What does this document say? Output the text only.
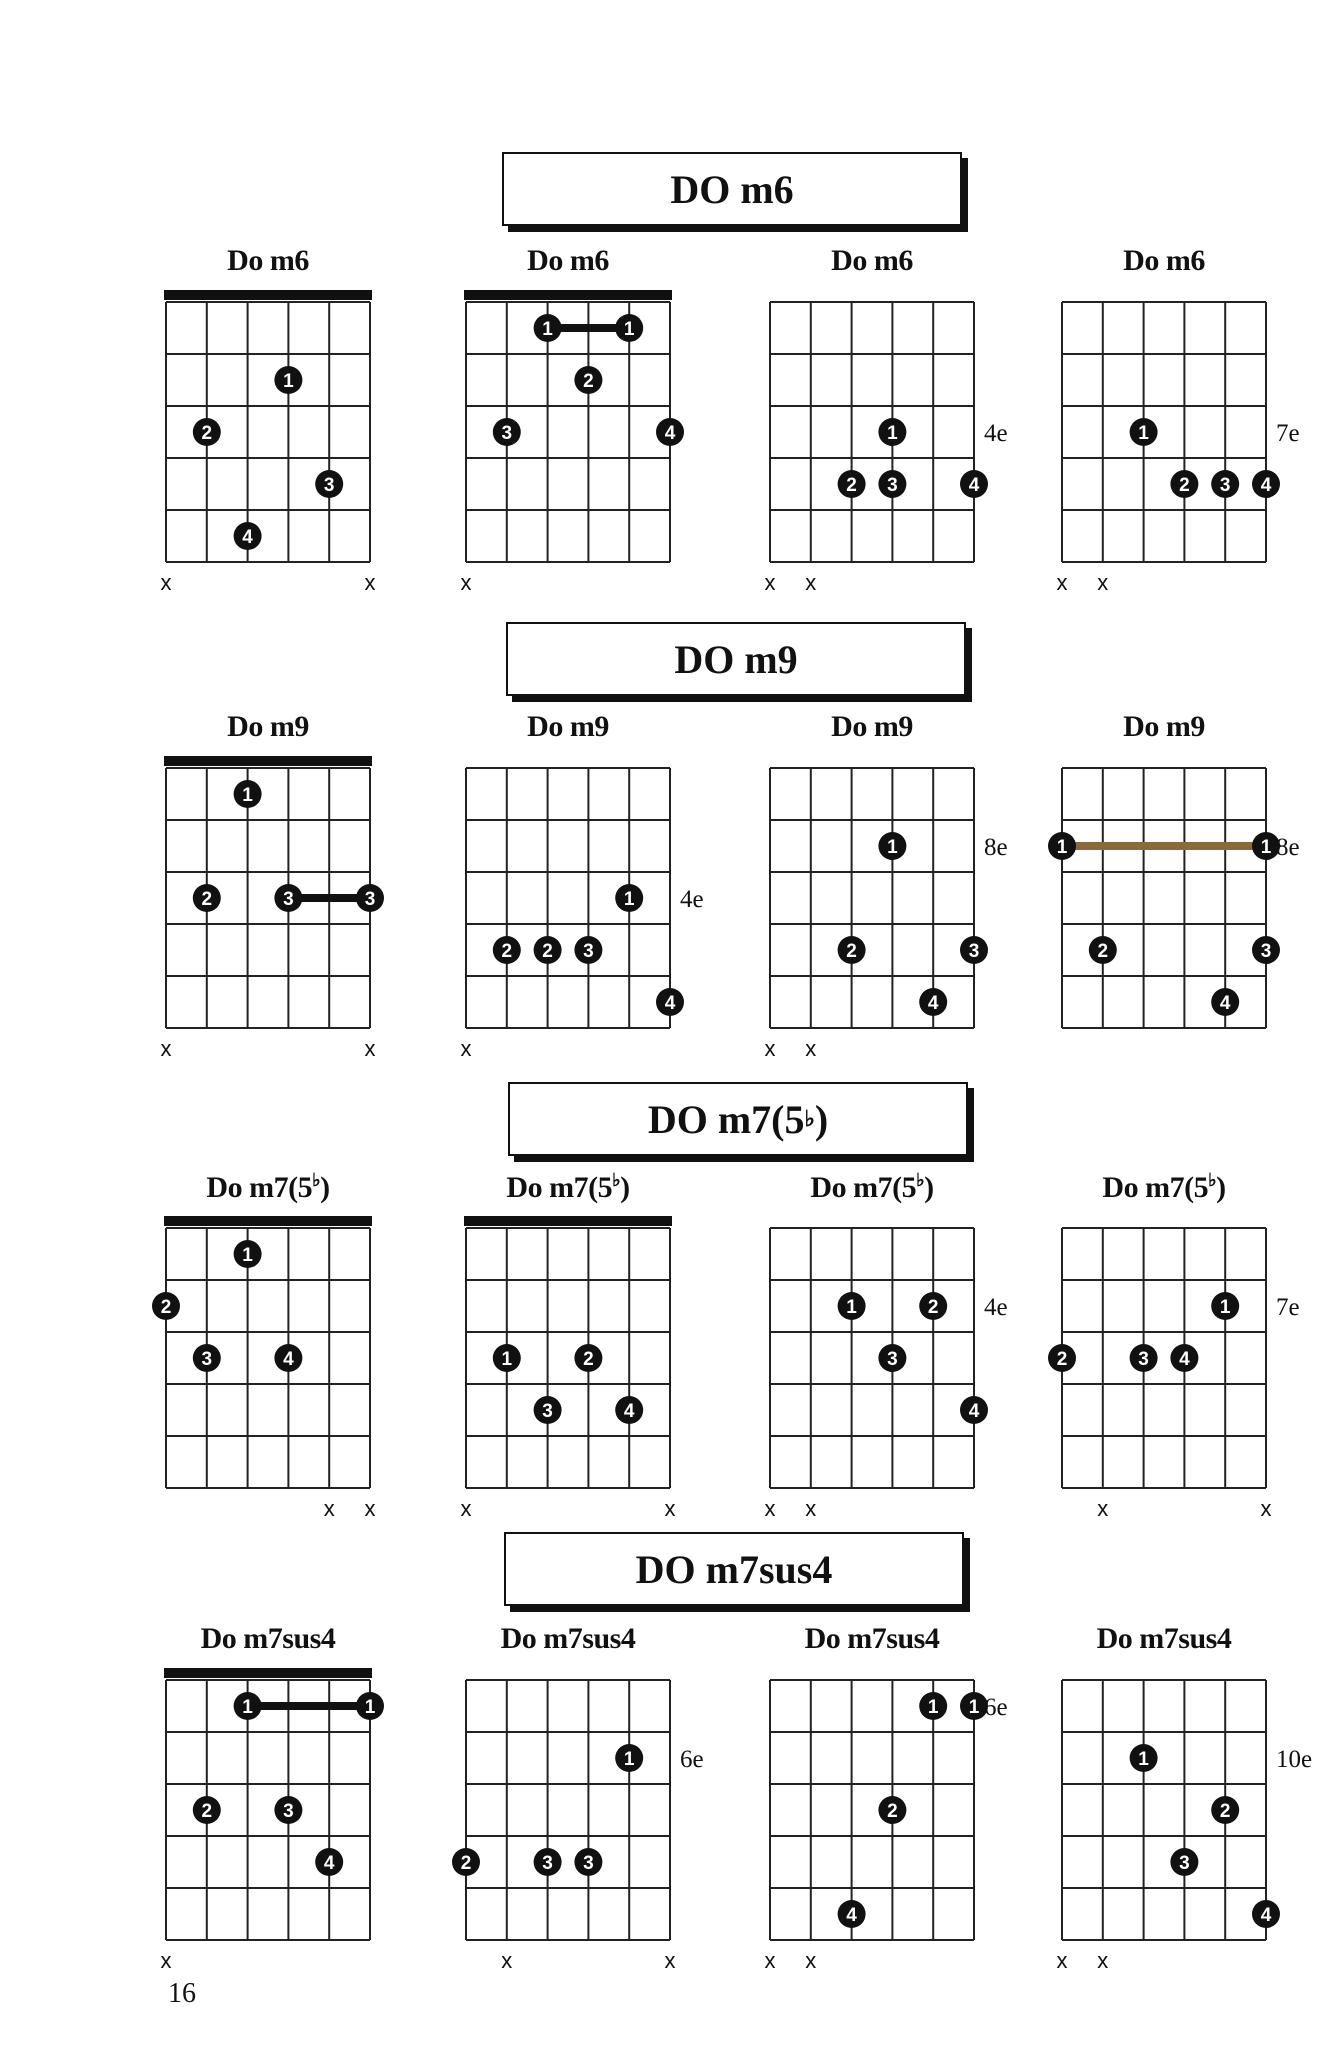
DO m6
Do m6
1
2
3
4
x	x
Do m6
1	1
2
3	4
x
Do m6
1
2 3	4
4e
x x
Do m6
1
2 3 4
7e
x x
DO m9
Do m9
1
2	3	3
x	x
Do m9
1
2 2 3
4
4e
x
Do m9
1
2	3
4
8e
x x
Do m9
1	1
2	3
4
8e
DO m7(5 ♭ )
Do m7(5♭)
1
2
3	4
x x
Do m7(5♭)
1	2
3	4
x	x
Do m7(5♭)
1	2
3
4
4e
x x
Do m7(5♭)
1
2	3 4
7e
x	x
DO m7sus4
Do m7sus4
1	1
2	3
4
x
Do m7sus4
1
2	3 3
6e
x	x
Do m7sus4
1 1
2
4
6e
x x
Do m7sus4
1
2
3
4
10e
x x
16
